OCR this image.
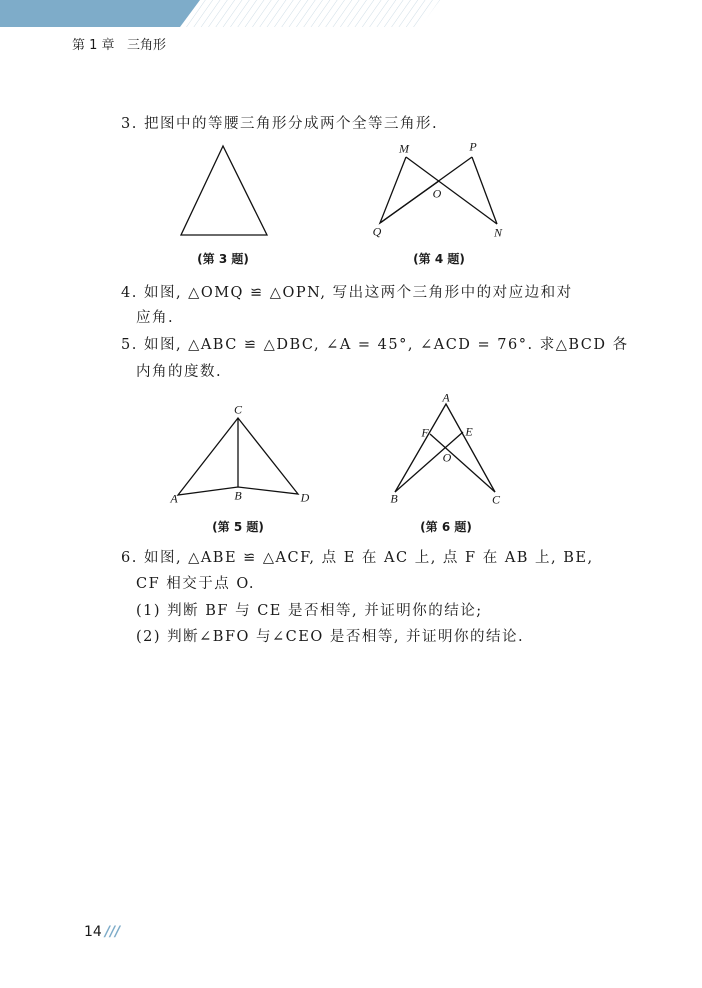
第 1 章 三角形
3. 把图中的等腰三角形分成两个全等三角形.
M	P
O
Q	N
(第 3 题)	(第 4 题)
4. 如图, △OMQ ≌ △OPN, 写出这两个三角形中的对应边和对
应角.
5. 如图, △ABC ≌ △DBC, ∠A = 45°, ∠ACD = 76°. 求△BCD 各
内角的度数.
C
A	B	D
A
F	E
O
B	C
(第 5 题)	(第 6 题)
6. 如图, △ABE ≌ △ACF, 点 E 在 AC 上, 点 F 在 AB 上, BE,
CF 相交于点 O.
(1) 判断 BF 与 CE 是否相等, 并证明你的结论;
(2) 判断∠BFO 与∠CEO 是否相等, 并证明你的结论.
14 ///
